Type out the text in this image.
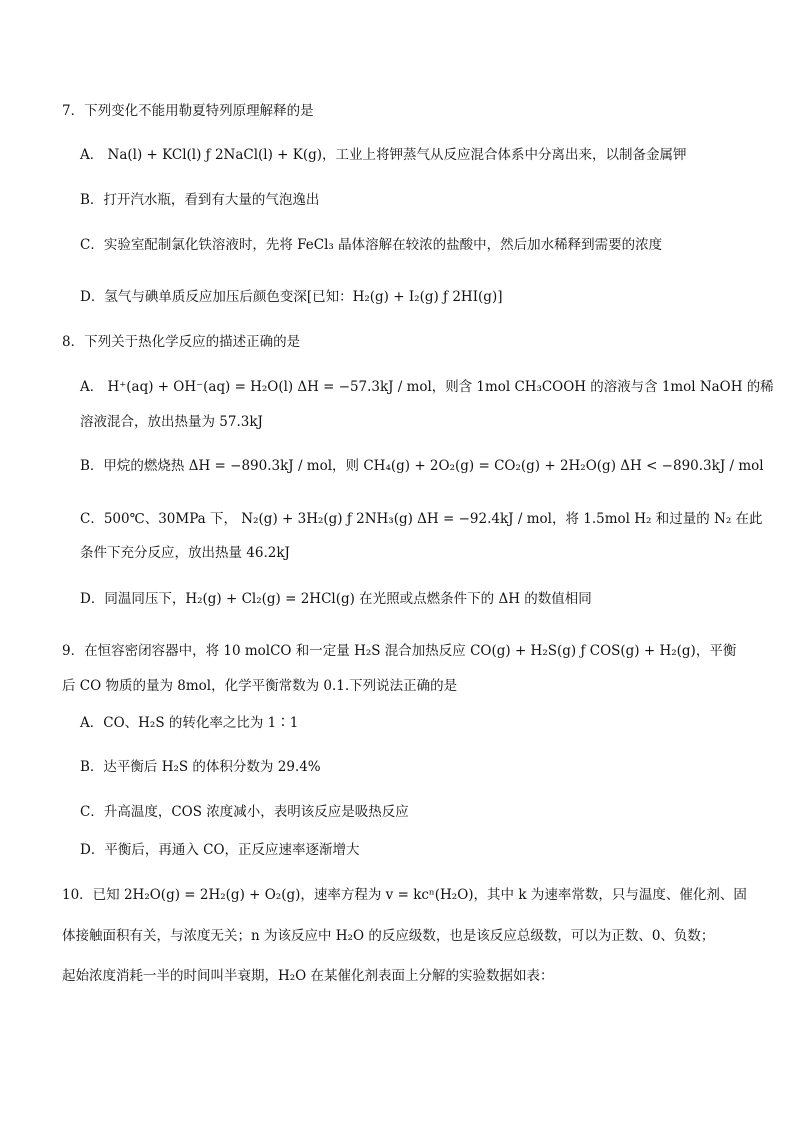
7．下列变化不能用勒夏特列原理解释的是
A． Na(l) + KCl(l) ƒ 2NaCl(l) + K(g)，工业上将钾蒸气从反应混合体系中分离出来，以制备金属钾
B．打开汽水瓶，看到有大量的气泡逸出
C．实验室配制氯化铁溶液时，先将 FeCl₃ 晶体溶解在较浓的盐酸中，然后加水稀释到需要的浓度
D．氢气与碘单质反应加压后颜色变深[已知：H₂(g) + I₂(g) ƒ 2HI(g)]
8．下列关于热化学反应的描述正确的是
A． H⁺(aq) + OH⁻(aq) = H₂O(l) ΔH = −57.3kJ / mol，则含 1mol CH₃COOH 的溶液与含 1mol NaOH 的稀
溶液混合，放出热量为 57.3kJ
B．甲烷的燃烧热 ΔH = −890.3kJ / mol，则 CH₄(g) + 2O₂(g) = CO₂(g) + 2H₂O(g) ΔH < −890.3kJ / mol
C．500℃、30MPa 下， N₂(g) + 3H₂(g) ƒ 2NH₃(g) ΔH = −92.4kJ / mol，将 1.5mol H₂ 和过量的 N₂ 在此
条件下充分反应，放出热量 46.2kJ
D．同温同压下，H₂(g) + Cl₂(g) = 2HCl(g) 在光照或点燃条件下的 ΔH 的数值相同
9．在恒容密闭容器中，将 10 molCO 和一定量 H₂S 混合加热反应 CO(g) + H₂S(g) ƒ COS(g) + H₂(g)，平衡
后 CO 物质的量为 8mol，化学平衡常数为 0.1.下列说法正确的是
A．CO、H₂S 的转化率之比为 1∶1
B．达平衡后 H₂S 的体积分数为 29.4%
C．升高温度，COS 浓度减小，表明该反应是吸热反应
D．平衡后，再通入 CO，正反应速率逐渐增大
10．已知 2H₂O(g) = 2H₂(g) + O₂(g)，速率方程为 v = kcⁿ(H₂O)，其中 k 为速率常数，只与温度、催化剂、固
体接触面积有关，与浓度无关；n 为该反应中 H₂O 的反应级数，也是该反应总级数，可以为正数、0、负数；
起始浓度消耗一半的时间叫半衰期，H₂O 在某催化剂表面上分解的实验数据如表：
